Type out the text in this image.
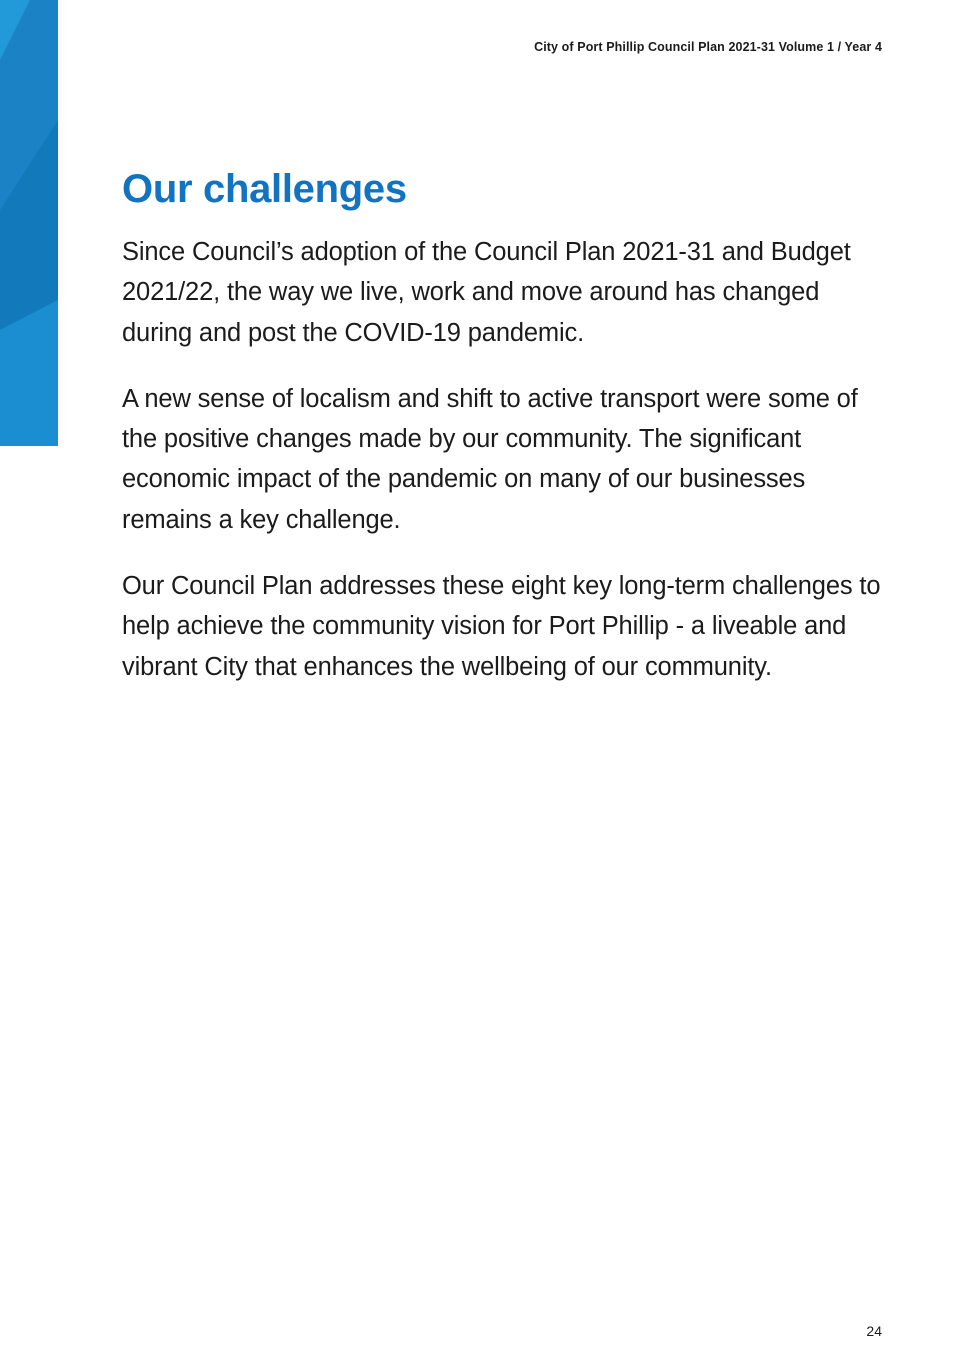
City of Port Phillip Council Plan 2021-31 Volume 1 / Year 4
Our challenges

Since Council’s adoption of the Council Plan 2021-31 and Budget 2021/22, the way we live, work and move around has changed during and post the COVID-19 pandemic.

A new sense of localism and shift to active transport were some of the positive changes made by our community. The significant economic impact of the pandemic on many of our businesses remains a key challenge.

Our Council Plan addresses these eight key long-term challenges to help achieve the community vision for Port Phillip - a liveable and vibrant City that enhances the wellbeing of our community.

24
